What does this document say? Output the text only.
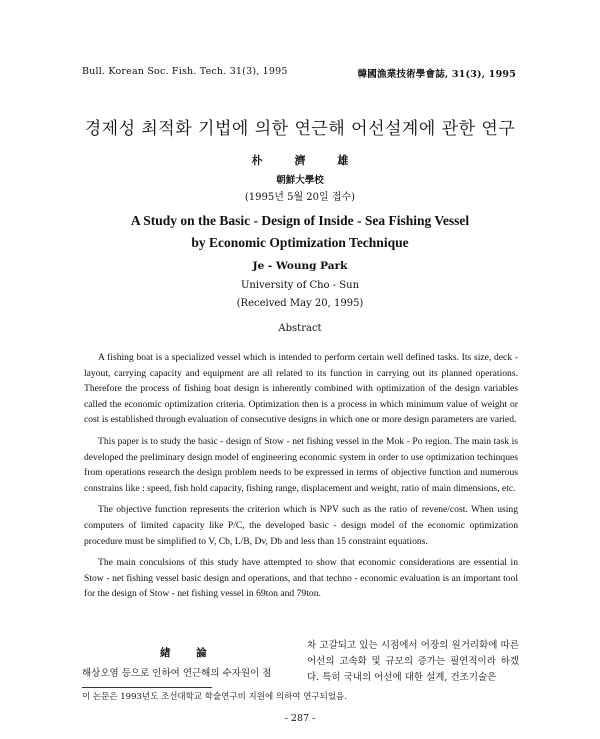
Bull. Korean Soc. Fish. Tech. 31(3), 1995	韓國漁業技術學會誌, 31(3), 1995
경제성 최적화 기법에 의한 연근해 어선설계에 관한 연구
朴 濟 雄
朝鮮大學校
(1995년 5월 20일 접수)
A Study on the Basic - Design of Inside - Sea Fishing Vessel
by Economic Optimization Technique
Je - Woung Park
University of Cho - Sun
(Received May 20, 1995)
Abstract

A fishing boat is a specialized vessel which is intended to perform certain well defined tasks. Its size, deck - layout, carrying capacity and equipment are all related to its function in carrying out its planned operations. Therefore the process of fishing boat design is inherently combined with optimization of the design variables called the economic optimization criteria. Optimization then is a process in which minimum value of weight or cost is established through evaluation of consecutive designs in which one or more design parameters are varied.

This paper is to study the basic - design of Stow - net fishing vessel in the Mok - Po region. The main task is developed the preliminary design model of engineering economic system in order to use optimization techinques from operations research the design problem needs to be expressed in terms of objective function and numerous constrains like : speed, fish hold capacity, fishing range, displacement and weight, ratio of main dimensions, etc.

The objective function represents the criterion which is NPV such as the ratio of revene/cost. When using computers of limited capacity like P/C, the developed basic - design model of the economic optimization procedure must be simplified to V, Cb, L/B, Dv, Db and less than 15 constraint equations.

The main conculsions of this study have attempted to show that economic considerations are essential in Stow - net fishing vessel basic design and operations, and that techno - economic evaluation is an important tool for the design of Stow - net fishing vessel in 69ton and 79ton.

緖 論
해상오염 등으로 인하여 연근해의 수자원이 점
차 고갈되고 있는 시점에서 어장의 원거리화에 따른 어선의 고속화 및 규모의 증가는 필연적이라 하겠다. 특히 국내의 어선에 대한 설계, 건조기술은
이 논문은 1993년도 조선대학교 학술연구비 지원에 의하여 연구되었음.
- 287 -
